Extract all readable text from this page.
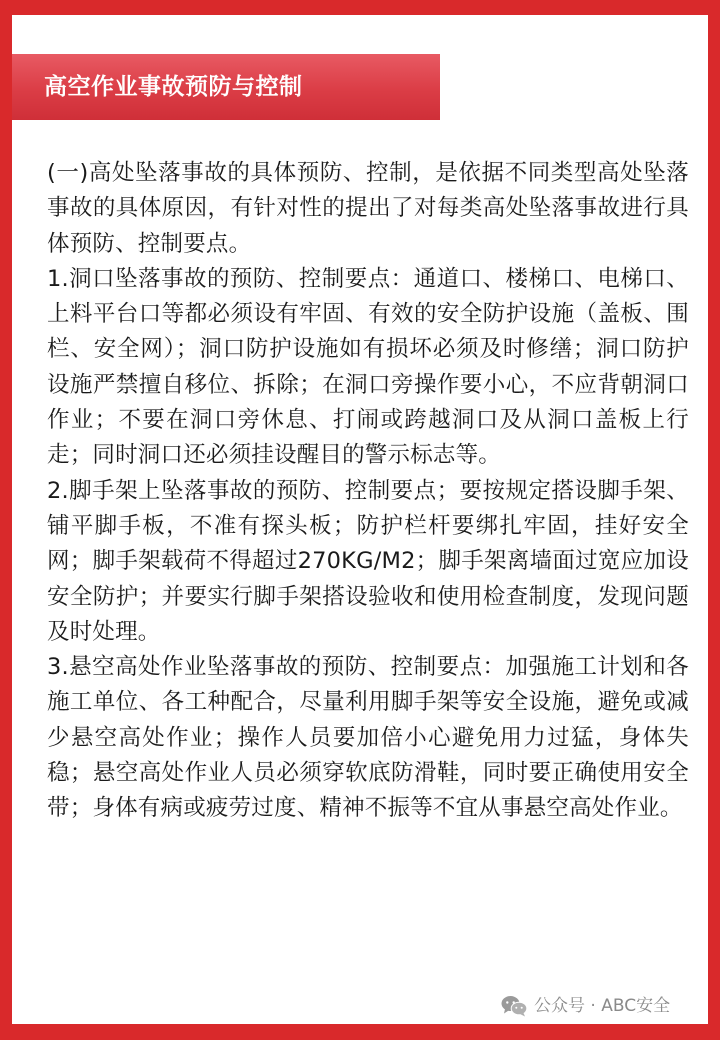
高空作业事故预防与控制

(一)高处坠落事故的具体预防、控制，是依据不同类型高处坠落事故的具体原因，有针对性的提出了对每类高处坠落事故进行具体预防、控制要点。

1.洞口坠落事故的预防、控制要点：通道口、楼梯口、电梯口、上料平台口等都必须设有牢固、有效的安全防护设施（盖板、围栏、安全网）；洞口防护设施如有损坏必须及时修缮；洞口防护设施严禁擅自移位、拆除；在洞口旁操作要小心，不应背朝洞口作业；不要在洞口旁休息、打闹或跨越洞口及从洞口盖板上行走；同时洞口还必须挂设醒目的警示标志等。

2.脚手架上坠落事故的预防、控制要点；要按规定搭设脚手架、铺平脚手板，不准有探头板；防护栏杆要绑扎牢固，挂好安全网；脚手架载荷不得超过270KG/M2；脚手架离墙面过宽应加设安全防护；并要实行脚手架搭设验收和使用检查制度，发现问题及时处理。

3.悬空高处作业坠落事故的预防、控制要点：加强施工计划和各施工单位、各工种配合，尽量利用脚手架等安全设施，避免或减少悬空高处作业；操作人员要加倍小心避免用力过猛，身体失稳；悬空高处作业人员必须穿软底防滑鞋，同时要正确使用安全带；身体有病或疲劳过度、精神不振等不宜从事悬空高处作业。

公众号 · ABC安全
